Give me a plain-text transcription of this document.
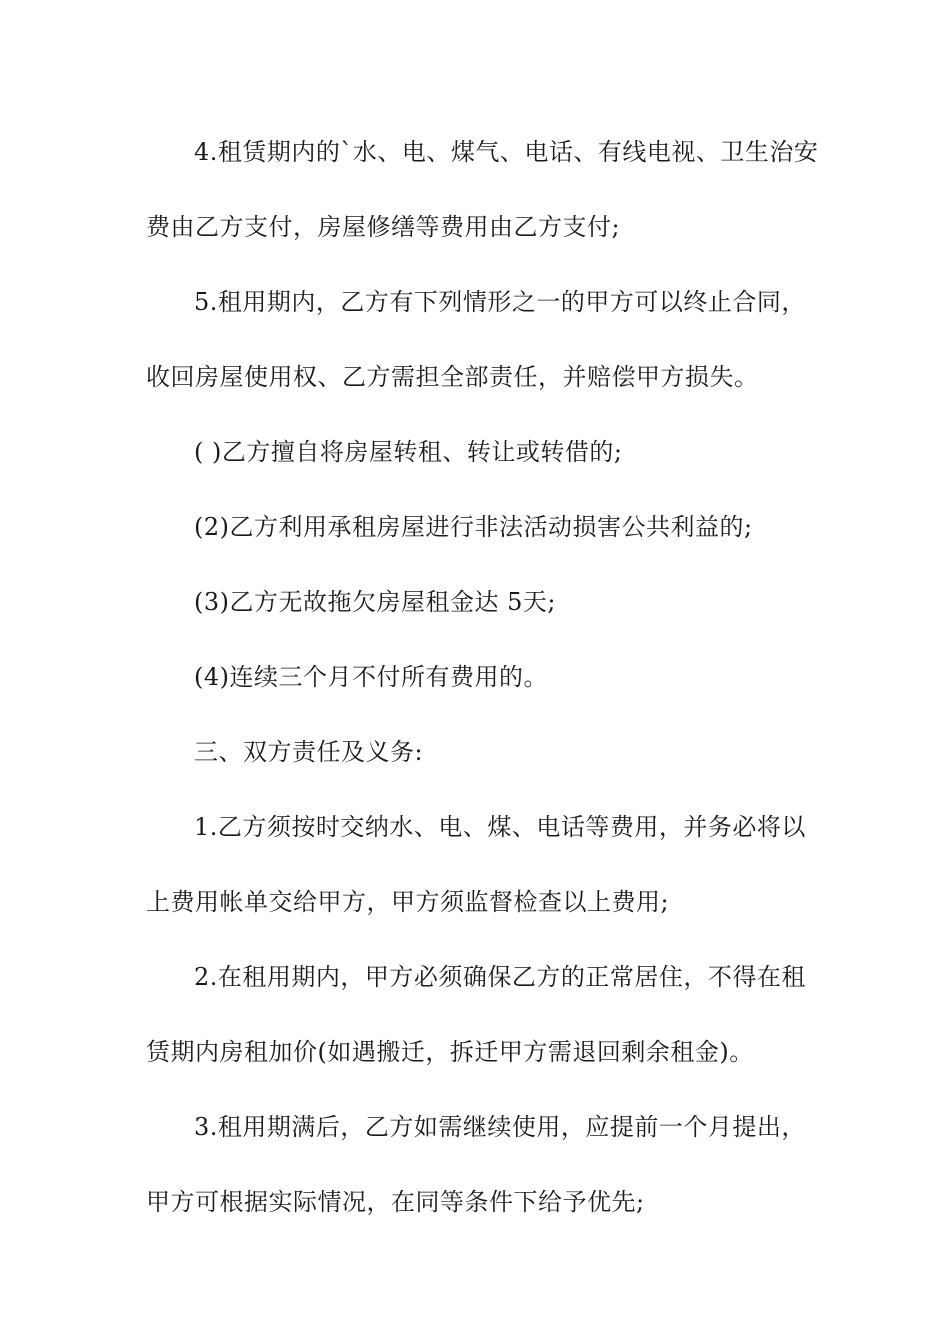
4.租赁期内的`水、电、煤气、电话、有线电视、卫生治安
费由乙方支付，房屋修缮等费用由乙方支付;
5.租用期内，乙方有下列情形之一的甲方可以终止合同，
收回房屋使用权、乙方需担全部责任，并赔偿甲方损失。
( )乙方擅自将房屋转租、转让或转借的;
(2)乙方利用承租房屋进行非法活动损害公共利益的;
(3)乙方无故拖欠房屋租金达 5天;
(4)连续三个月不付所有费用的。
三、双方责任及义务:
1.乙方须按时交纳水、电、煤、电话等费用，并务必将以
上费用帐单交给甲方，甲方须监督检查以上费用;
2.在租用期内，甲方必须确保乙方的正常居住，不得在租
赁期内房租加价(如遇搬迁，拆迁甲方需退回剩余租金)。
3.租用期满后，乙方如需继续使用，应提前一个月提出，
甲方可根据实际情况，在同等条件下给予优先;
